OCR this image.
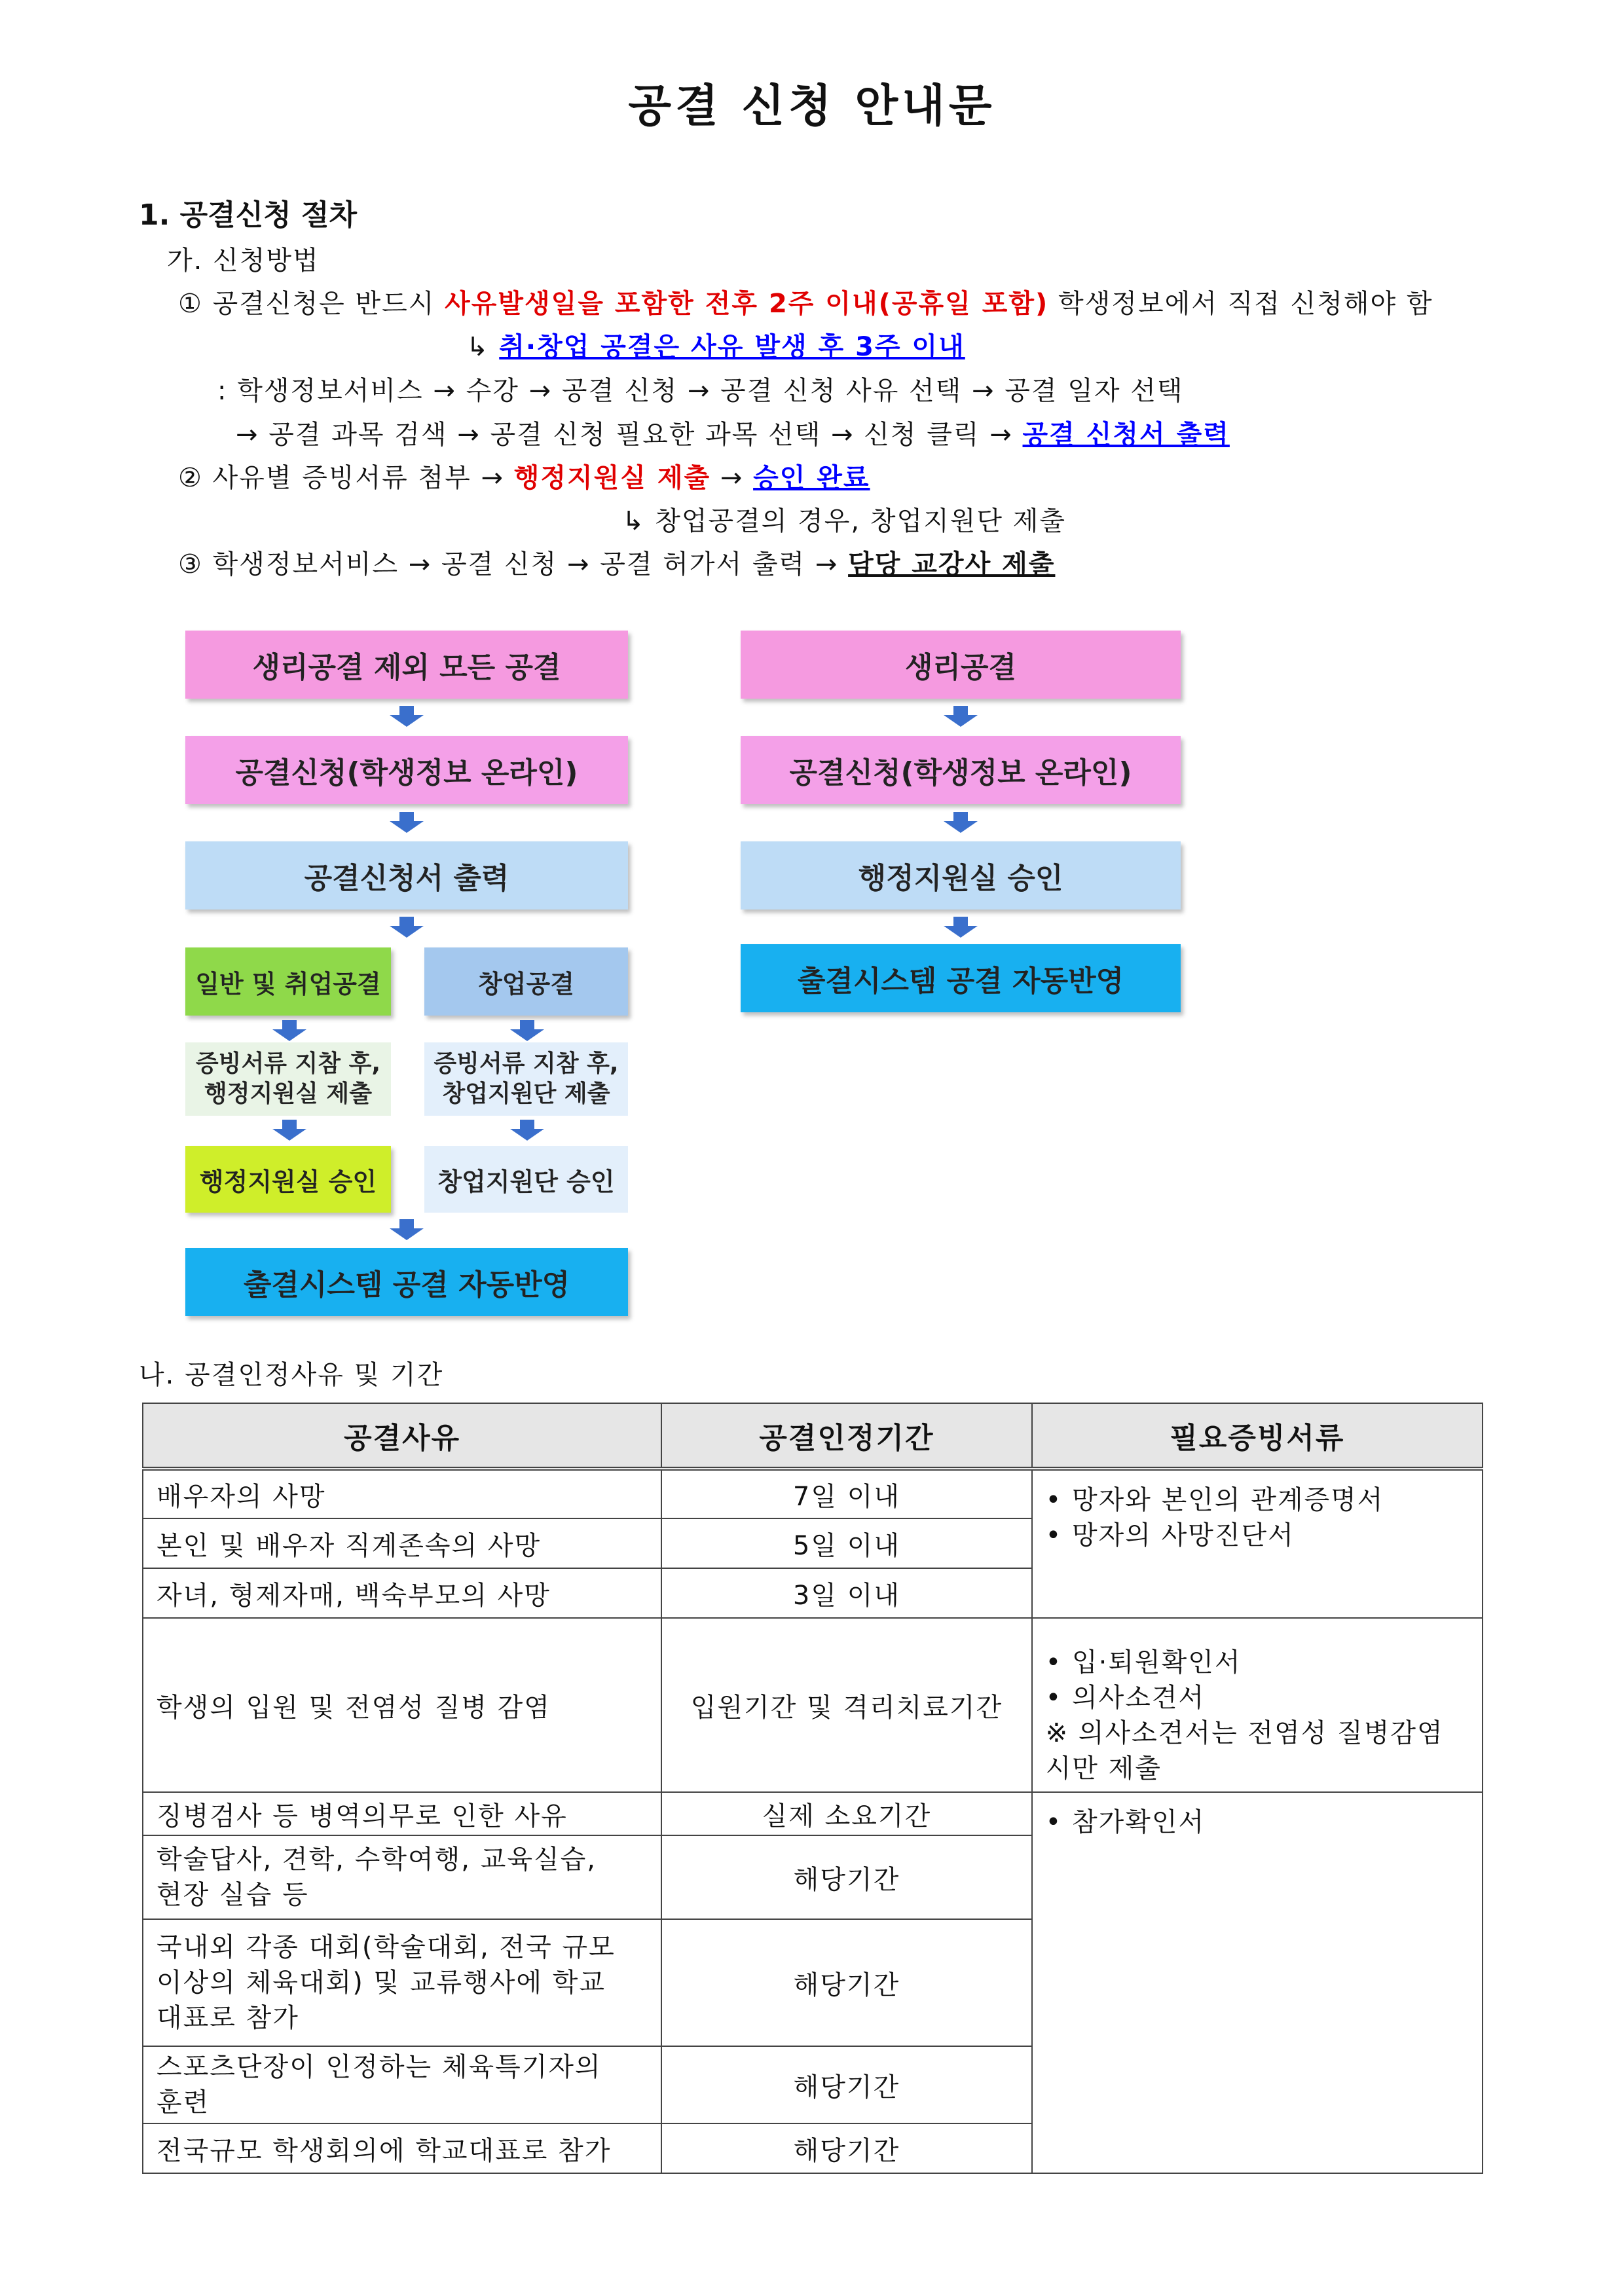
공결 신청 안내문
1. 공결신청 절차
가. 신청방법
① 공결신청은 반드시 사유발생일을 포함한 전후 2주 이내(공휴일 포함) 학생정보에서 직접 신청해야 함
↳ 취·창업 공결은 사유 발생 후 3주 이내
: 학생정보서비스 → 수강 → 공결 신청 → 공결 신청 사유 선택 → 공결 일자 선택
→ 공결 과목 검색 → 공결 신청 필요한 과목 선택 → 신청 클릭 → 공결 신청서 출력
② 사유별 증빙서류 첨부 → 행정지원실 제출 → 승인 완료
↳ 창업공결의 경우, 창업지원단 제출
③ 학생정보서비스 → 공결 신청 → 공결 허가서 출력 → 담당 교강사 제출
생리공결 제외 모든 공결
공결신청(학생정보 온라인)
공결신청서 출력
일반 및 취업공결	창업공결
증빙서류 지참 후,
행정지원실 제출
증빙서류 지참 후,
창업지원단 제출
행정지원실 승인 창업지원단 승인
출결시스템 공결 자동반영
생리공결
공결신청(학생정보 온라인)
행정지원실 승인
출결시스템 공결 자동반영
나. 공결인정사유 및 기간
공결사유	공결인정기간	필요증빙서류
배우자의 사망	7일 이내	• 망자와 본인의 관계증명서
• 망자의 사망진단서

본인 및 배우자 직계존속의 사망	5일 이내	
자녀, 형제자매, 백숙부모의 사망	3일 이내	
학생의 입원 및 전염성 질병 감염	입원기간 및 격리치료기간	• 입·퇴원확인서
• 의사소견서
※ 의사소견서는 전염성 질병감염
시만 제출

징병검사 등 병역의무로 인한 사유	실제 소요기간	• 참가확인서

학술답사, 견학, 수학여행, 교육실습,
현장 실습 등	해당기간	

국내외 각종 대회(학술대회, 전국 규모
이상의 체육대회) 및 교류행사에 학교
대표로 참가	해당기간	

스포츠단장이 인정하는 체육특기자의
훈련	해당기간	
전국규모 학생회의에 학교대표로 참가	해당기간	
